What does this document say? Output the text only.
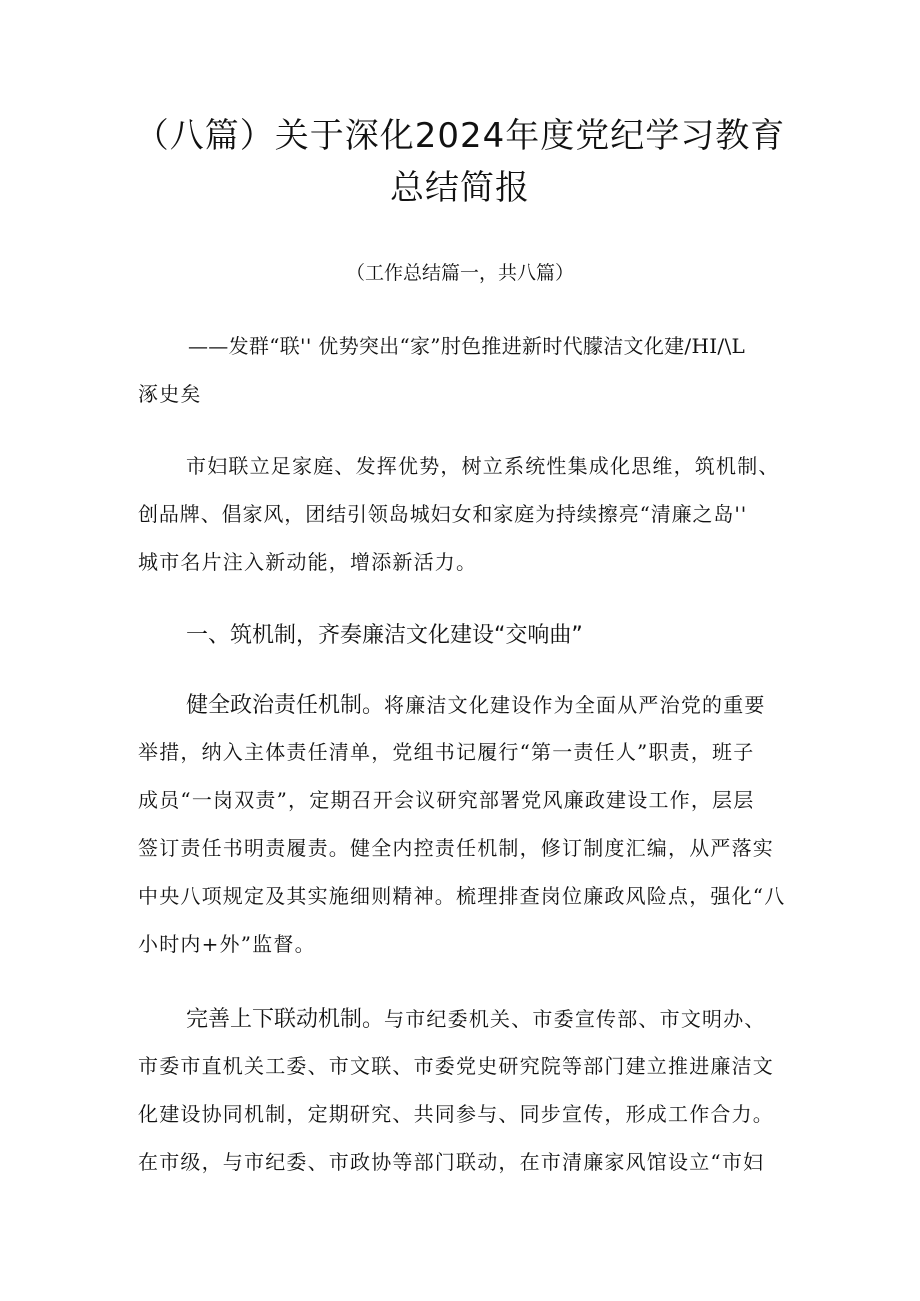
（八篇）关于深化2024年度党纪学习教育
总结简报
（工作总结篇一，共八篇）
——发群“联'' 优势突出“家”肘色推进新时代朦洁文化建/HI/\L
涿史矣
市妇联立足家庭、发挥优势，树立系统性集成化思维，筑机制、
创品牌、倡家风，团结引领岛城妇女和家庭为持续擦亮“清廉之岛''
城市名片注入新动能，增添新活力。
一、筑机制，齐奏廉洁文化建设“交响曲”
健全政治责任机制。将廉洁文化建设作为全面从严治党的重要
举措，纳入主体责任清单，党组书记履行“第一责任人”职责，班子
成员“一岗双责”，定期召开会议研究部署党风廉政建设工作，层层
签订责任书明责履责。健全内控责任机制，修订制度汇编，从严落实
中央八项规定及其实施细则精神。梳理排查岗位廉政风险点，强化“八
小时内+外”监督。
完善上下联动机制。与市纪委机关、市委宣传部、市文明办、
市委市直机关工委、市文联、市委党史研究院等部门建立推进廉洁文
化建设协同机制，定期研究、共同参与、同步宣传，形成工作合力。
在市级，与市纪委、市政协等部门联动，在市清廉家风馆设立“市妇
